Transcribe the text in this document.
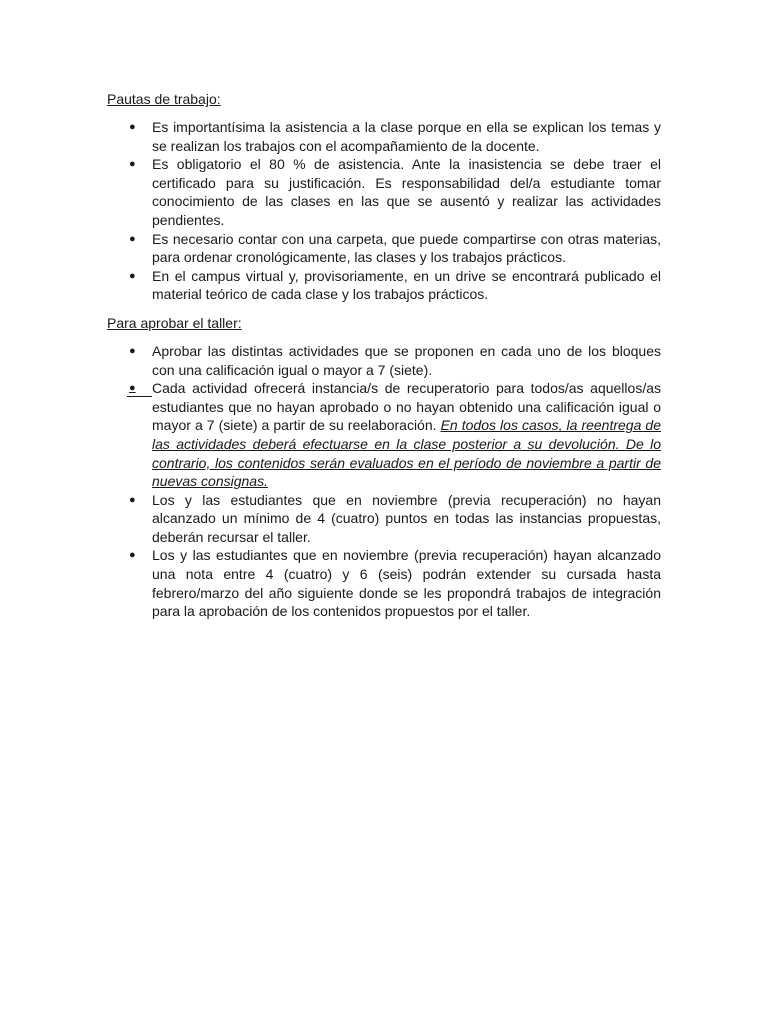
Pautas de trabajo:

● Es importantísima la asistencia a la clase porque en ella se explican los temas y se realizan los trabajos con el acompañamiento de la docente.
● Es obligatorio el 80 % de asistencia. Ante la inasistencia se debe traer el certificado para su justificación. Es responsabilidad del/a estudiante tomar conocimiento de las clases en las que se ausentó y realizar las actividades pendientes.
● Es necesario contar con una carpeta, que puede compartirse con otras materias, para ordenar cronológicamente, las clases y los trabajos prácticos.
● En el campus virtual y, provisoriamente, en un drive se encontrará publicado el material teórico de cada clase y los trabajos prácticos.

Para aprobar el taller:

● Aprobar las distintas actividades que se proponen en cada uno de los bloques con una calificación igual o mayor a 7 (siete).
● Cada actividad ofrecerá instancia/s de recuperatorio para todos/as aquellos/as estudiantes que no hayan aprobado o no hayan obtenido una calificación igual o mayor a 7 (siete) a partir de su reelaboración. En todos los casos, la reentrega de las actividades deberá efectuarse en la clase posterior a su devolución. De lo contrario, los contenidos serán evaluados en el período de noviembre a partir de nuevas consignas.
● Los y las estudiantes que en noviembre (previa recuperación) no hayan alcanzado un mínimo de 4 (cuatro) puntos en todas las instancias propuestas, deberán recursar el taller.
● Los y las estudiantes que en noviembre (previa recuperación) hayan alcanzado una nota entre 4 (cuatro) y 6 (seis) podrán extender su cursada hasta febrero/marzo del año siguiente donde se les propondrá trabajos de integración para la aprobación de los contenidos propuestos por el taller.
